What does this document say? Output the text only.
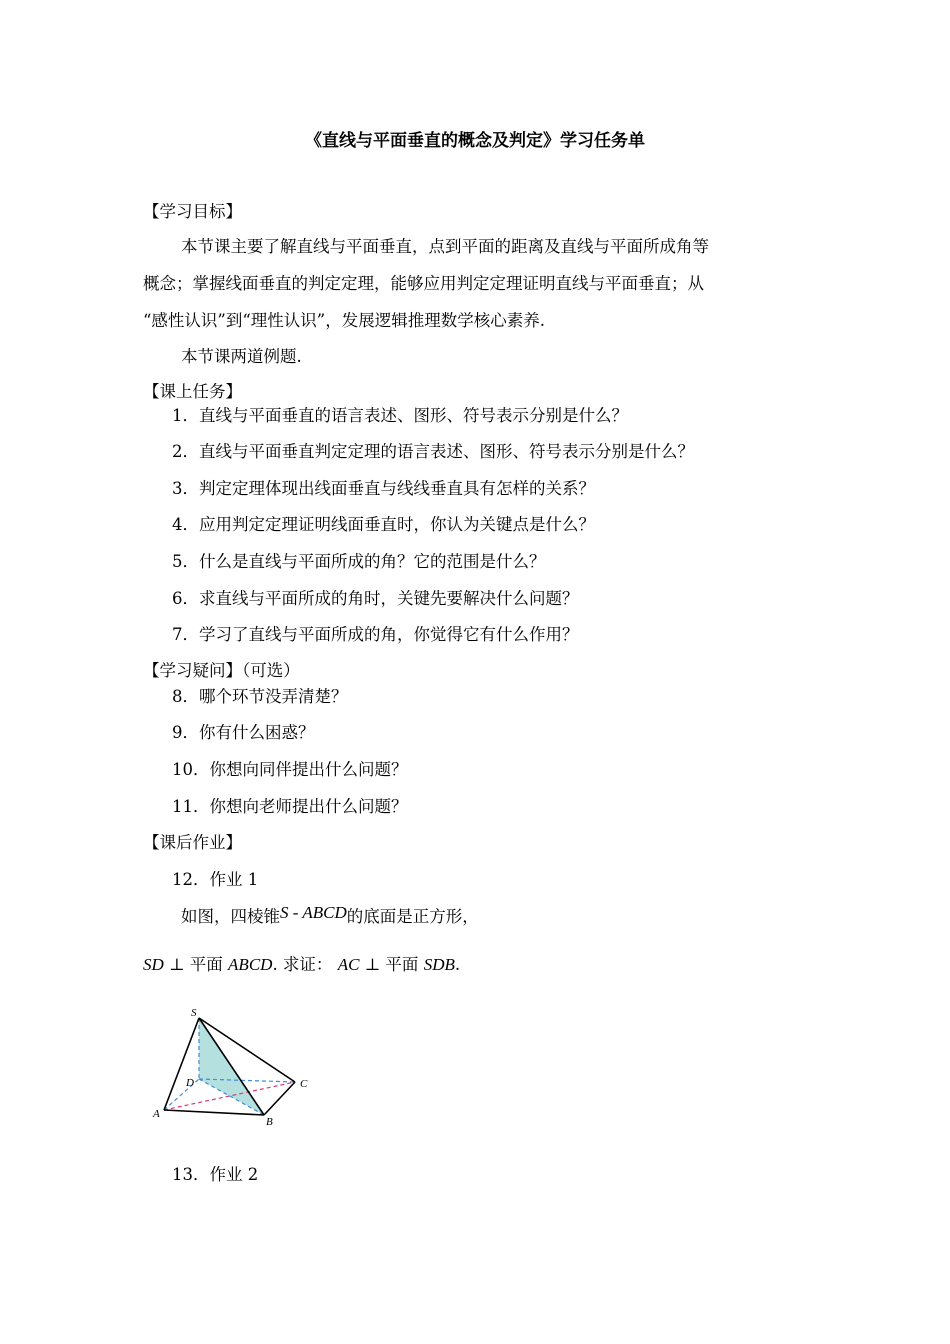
《直线与平面垂直的概念及判定》学习任务单
【学习目标】
本节课主要了解直线与平面垂直，点到平面的距离及直线与平面所成角等
概念；掌握线面垂直的判定定理，能够应用判定定理证明直线与平面垂直；从
“感性认识”到“理性认识”，发展逻辑推理数学核心素养.
本节课两道例题.
【课上任务】
1．直线与平面垂直的语言表述、图形、符号表示分别是什么？
2．直线与平面垂直判定定理的语言表述、图形、符号表示分别是什么？
3．判定定理体现出线面垂直与线线垂直具有怎样的关系？
4．应用判定定理证明线面垂直时，你认为关键点是什么？
5．什么是直线与平面所成的角？它的范围是什么？
6．求直线与平面所成的角时，关键先要解决什么问题？
7．学习了直线与平面所成的角，你觉得它有什么作用？
【学习疑问】（可选）
8．哪个环节没弄清楚？
9．你有什么困惑？
10．你想向同伴提出什么问题？
11．你想向老师提出什么问题？
【课后作业】
12．作业 1
如图，四棱锥S - ABCD的底面是正方形，
SD ⊥ 平面 ABCD. 求证： AC ⊥ 平面 SDB.
S
D	C
A
B
13．作业 2
